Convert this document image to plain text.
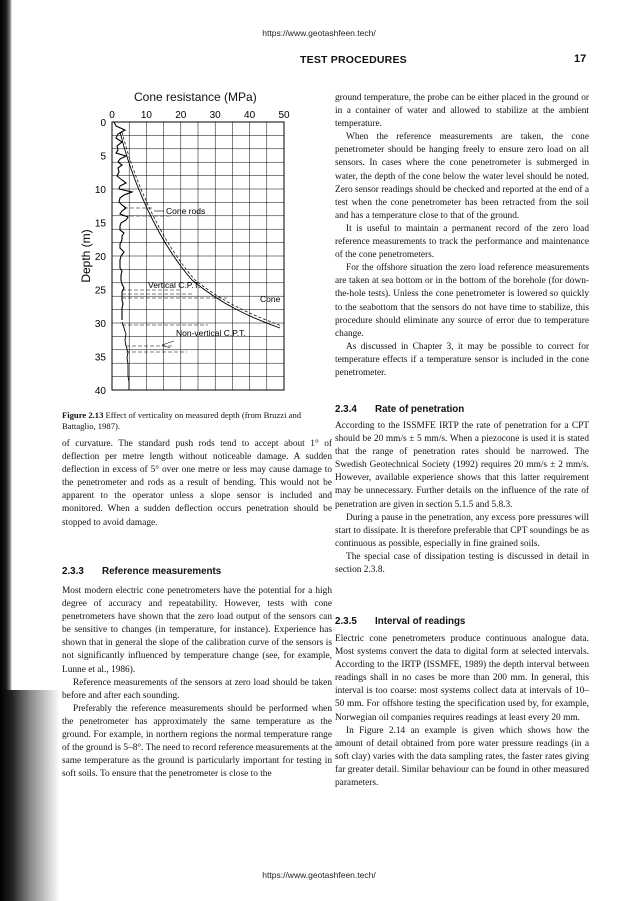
https://www.geotashfeen.tech/
TEST PROCEDURES	17
Cone resistance (MPa)
0	10 20 30 40 50
0
5
10
15
20
25
30
35
40
Depth (m)
Cone rods
Vertical C.P.T.
Cone
Non-vertical C.P.T.
Figure 2.13 Effect of verticality on measured depth (from Bruzzi and Battaglio, 1987).

of curvature. The standard push rods tend to accept about 1° of deflection per metre length without noticeable damage. A sudden deflection in excess of 5° over one metre or less may cause damage to the penetrometer and rods as a result of bending. This would not be apparent to the operator unless a slope sensor is included and monitored. When a sudden deflection occurs penetration should be stopped to avoid damage.

2.3.3 Reference measurements

Most modern electric cone penetrometers have the potential for a high degree of accuracy and repeatability. However, tests with cone penetrometers have shown that the zero load output of the sensors can be sensitive to changes (in temperature, for instance). Experience has shown that in general the slope of the calibration curve of the sensors is not significantly influenced by temperature change (see, for example, Lunne et al., 1986).

Reference measurements of the sensors at zero load should be taken before and after each sounding.

Preferably the reference measurements should be performed when the penetrometer has approximately the same temperature as the ground. For example, in northern regions the normal temperature range of the ground is 5–8°. The need to record reference measurements at the same temperature as the ground is particularly important for testing in soft soils. To ensure that the penetrometer is close to the

ground temperature, the probe can be either placed in the ground or in a container of water and allowed to stabilize at the ambient temperature.

When the reference measurements are taken, the cone penetrometer should be hanging freely to ensure zero load on all sensors. In cases where the cone penetrometer is submerged in water, the depth of the cone below the water level should be noted. Zero sensor readings should be checked and reported at the end of a test when the cone penetrometer has been retracted from the soil and has a temperature close to that of the ground.

It is useful to maintain a permanent record of the zero load reference measurements to track the performance and maintenance of the cone penetrometers.

For the offshore situation the zero load reference measurements are taken at sea bottom or in the bottom of the borehole (for down-the-hole tests). Unless the cone penetrometer is lowered so quickly to the seabottom that the sensors do not have time to stabilize, this procedure should eliminate any source of error due to temperature change.

As discussed in Chapter 3, it may be possible to correct for temperature effects if a temperature sensor is included in the cone penetrometer.

2.3.4 Rate of penetration

According to the ISSMFE IRTP the rate of penetration for a CPT should be 20 mm/s ± 5 mm/s. When a piezocone is used it is stated that the range of penetration rates should be narrowed. The Swedish Geotechnical Society (1992) requires 20 mm/s ± 2 mm/s. However, available experience shows that this latter requirement may be unnecessary. Further details on the influence of the rate of penetration are given in section 5.1.5 and 5.8.3.

During a pause in the penetration, any excess pore pressures will start to dissipate. It is therefore preferable that CPT soundings be as continuous as possible, especially in fine grained soils.

The special case of dissipation testing is discussed in detail in section 2.3.8.

2.3.5 Interval of readings

Electric cone penetrometers produce continuous analogue data. Most systems convert the data to digital form at selected intervals. According to the IRTP (ISSMFE, 1989) the depth interval between readings shall in no cases be more than 200 mm. In general, this interval is too coarse: most systems collect data at intervals of 10–50 mm. For offshore testing the specification used by, for example, Norwegian oil companies requires readings at least every 20 mm.

In Figure 2.14 an example is given which shows how the amount of detail obtained from pore water pressure readings (in a soft clay) varies with the data sampling rates, the faster rates giving far greater detail. Similar behaviour can be found in other measured parameters.

https://www.geotashfeen.tech/
